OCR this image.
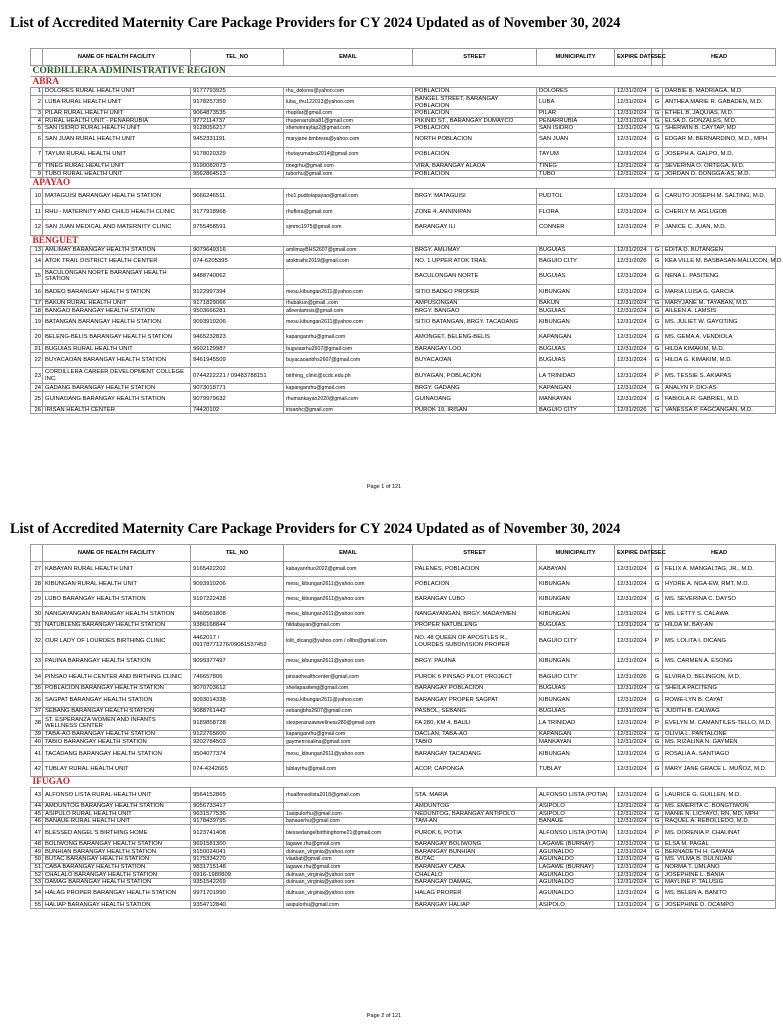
List of Accredited Maternity Care Package Providers for CY 2024 Updated as of November 30, 2024
	NAME OF HEALTH FACILITY	TEL_NO	EMAIL	STREET	MUNICIPALITY	EXPIRE DATE	SEC	HEAD
CORDILLERA ADMINISTRATIVE REGION								
ABRA								
1	DOLORES RURAL HEALTH UNIT	9177793925	rhu_dolores@yahoo.com	POBLACION	DOLORES	12/31/2024	G	DARBIE B. MADRIAGA, M.D.
2	LUBA RURAL HEALTH UNIT	9178257359	luba_rhu122013@yahoo.com	BANGEL STREET, BARANGAY POBLACION	LUBA	12/31/2024	G	ANTHEA MARIE R. GABADEN, M.D.
3	PILAR RURAL HEALTH UNIT	9064873535	rhupilar@gmail.com	POBLACION	PILAR	12/31/2024	G	ETHEL B. JAQUIAS, M.D.
4	RURAL HEALTH UNIT - PENARRUBIA	9772114737	rhupenarrubia81@gmail.com	PIKINID ST., BARANGAY DUMAYCO	PENARRUBIA	12/31/2024	G	ELSA D. GONZALES, M.D.
5	SAN ISIDRO RURAL HEALTH UNIT	9128056217	sherwinraytap2@gmail.com	POBLACION	SAN ISIDRO	12/31/2024	G	SHERWIN B. CAYTAP, MD
6	SAN JUAN RURAL HEALTH UNIT	9452331191	maryjane.timbreza@yahoo.com	NORTH POBLACION	SAN JUAN	12/31/2024	G	EDGAR M. BERNARDINO, M.D., MPH
7	TAYUM RURAL HEALTH UNIT	9178020329	rhutayumabra2014@gmail.com	POBLACION	TAYUM	12/31/2024	G	JOSEPH A. GALPO, M.D.
8	TINEG RURAL HEALTH UNIT	9190082073	tinegrhu@gmail.com	VIRA, BARANGAY ALAOA	TINEG	12/31/2024	G	SEVERINA O. ORTEGA, M.D.
9	TUBO RURAL HEALTH UNIT	9562864513	tuborhu@gmail.com	POBLACION	TUBO	12/31/2024	G	JORDAN D. DONGGA-AS, M.D.
APAYAO								
10	MATAGUISI BARANGAY HEALTH STATION	9666246511	rhu1.pudtolapayao@gmail.com	BRGY. MATAGUISI	PUDTOL	12/31/2024	G	CARUTO JOSEPH M. SALTING, M.D.
11	RHU - MATERNITY AND CHILD HEALTH CLINIC	9177918968	rhuflora@gmail.com	ZONE 4, ANNINIPAN	FLORA	12/31/2024	G	CHERLY M. AGLUGOB
12	SAN JUAN MEDICAL AND MATERNITY CLINIC	9755458591	sjmmc1975@gmail.com	BARANGAY ILI	CONNER	12/31/2024	P	JANICE C. JUAN, M.D.
BENGUET								
13	AMLIMAY BARANGAY HEALTH STATION	9079649316	amlimayBHS2607@gmail.com	BRGY. AMLIMAY	BUGUIAS	12/31/2024	G	EDITA D. BUTANGEN
14	ATOK TRAIL DISTRICT HEALTH CENTER	074-6205395	atoktraihc2019@gmail.com	NO. 1 UPPER ATOK TRAIL	BAGUIO CITY	12/31/2026	G	KEA VILLE M. BASBASAN-MALUCON, M.D.
15	BACULONGAN NORTE BARANGAY HEALTH STATION	9488740062		BACULONGAN NORTE	BUGUIAS	12/31/2024	G	NENA L. PASITENG
16	BADEO BARANGAY HEALTH STATION	9122997394	mesu.kibungan2611@yahoo.com	SITIO BADEO PROPER	KIBUNGAN	12/31/2024	G	MARIA LUISA G. GARCIA
17	BAKUN RURAL HEALTH UNIT	9171829066	rhubakun@gmail..com	AMPUSONGAN	BAKUN	12/31/2024	G	MARYJANE M. TAYABAN, M.D.
18	BANGAO BARANGAY HEALTH STATION	9503666281	aileenlamsis@gmail.com	BRGY. BANGAO	BUGUIAS	12/31/2024	G	AILEEN A. LAMSIS
19	BATANGAN BARANGAY HEALTH STATION	9093910206	mesu.kibungan2611@yahoo.com	SITIO BATANGAN, BRGY. TACADANG	KIBUNGAN	12/31/2024	G	MS. JULIET W. GAYOTING
20	BELENG-BELIS BARANGAY HEALTH STATION	9465232823	kapanganrhu@gmail.com	AMONGET, BELENG-BELIS	KAPANGAN	12/31/2024	G	MS. GEMA A. VENDIOLA
21	BUGUIAS RURAL HEALTH UNIT	9602129987	buguiasrhu2607@gmail.com	BARANGAY LOO	BUGUIAS	12/31/2024	G	HILDA KIMAKIM, M.D.
22	BUYACAOAN BARANGAY HEALTH STATION	9461945509	buyacaoanbhs2607@gmail.com	BUYACAOAN	BUGUIAS	12/31/2024	G	HILDA G. KIMAKIM, M.D.
23	CORDILLERA CAREER DEVELOPMENT COLLEGE INC.	0744222221 / 09483788151	birthing_clinic@ccdc.edu.ph	BUYAGAN, POBLACION	LA TRINIDAD	12/31/2024	P	MS. TESSIE S. AKIAPAS
24	GADANG BARANGAY HEALTH STATION	9073018771	kapanganrhu@gmail.com	BRGY. GADANG	KAPANGAN	12/31/2024	G	ANALYN P. DIO-AS
25	GUINAOANG BARANGAY HEALTH STATION	9079979632	rhumankayan2020@gmail.com	GUINAOANG	MANKAYAN	12/31/2024	G	FABIOLA R. GABRIEL, M.D.
26	IRISAN HEALTH CENTER	74420102	irisanhc@gmail.com	PUROK 19, IRISAN	BAGUIO CITY	12/31/2026	G	VANESSA P. FAGCANGAN, M.D.
Page 1 of 121
List of Accredited Maternity Care Package Providers for CY 2024 Updated as of November 30, 2024
	NAME OF HEALTH FACILITY	TEL_NO	EMAIL	STREET	MUNICIPALITY	EXPIRE DATE	SEC	HEAD
27	KABAYAN RURAL HEALTH UNIT	9165422202	kabayanrhuo2022@gmail.com	PALENES, POBLACION	KABAYAN	12/31/2024	G	FELIX A. MANGALTAG, JR., M.D.
28	KIBUNGAN RURAL HEALTH UNIT	9093910206	mesu_kibungan2611@yahoo.com	POBLACION	KIBUNGAN	12/31/2024	G	HYDRE A. NGA-EW, RMT, M.D.
29	LUBO BARANGAY HEALTH STATION	9197222428	mesu_kibungan2611@yahoo.com	BARANGAY LUBO	KIBUNGAN	12/31/2024	G	MS. SEVERINA C. DAYSO
30	NANGAYANGAN BARANGAY HEALTH STATION	9460561808	mesu_kibungan2611@yahoo.com	NANGAYANGAN, BRGY. MADAYMEN	KIBUNGAN	12/31/2024	G	MS. LETTY S. CALAWA
31	NATUBLENG BARANGAY HEALTH STATION	9386168844	hildabayan@gmail.com	PROPER NATUBLENG	BUGUIAS	12/31/2024	G	HILDA M. BAY-AN
32	OUR LADY OF LOURDES BIRTHING CLINIC	4462017 / 09178771276/09081537452	lolit_dicang@yahoo.com / ollbo@gmail.com	NO. 48 QUEEN OF APOSTLES R., LOURDES SUBDIVISION PROPER	BAGUIO CITY	12/31/2024	P	MS. LOLITA I. DICANG
33	PAUINA BARANGAY HEALTH STATION	9099377497	mesu_kibungan2611@yahoo.com	BRGY. PAUINA	KIBUNGAN	12/31/2024	G	MS. CARMEN A. ESONG
34	PINSAO HEALTH CENTER AND BIRTHING CLINIC	746657806	pinsaohealthcenter@gmail.com	PUROK 6 PINSAO PILOT PROJECT	BAGUIO CITY	12/31/2026	G	ELVIRA D. BELINGON, M.D.
35	POBLACION BARANGAY HEALTH STATION	9070703612	sheilapasiteng@gmail.com	BARANGAY POBLACION	BUGUIAS	12/31/2024	G	SHEILA PACITENG
36	SAGPAT BARANGAY HEALTH STATION	9093014338	mesu.kibungan2611@yahoo.com	BARANGAY PROPER SAGPAT	KIBUNGAN	12/31/2024	G	ROWE-LYN B. CAYAT
37	SEBANG BARANGAY HEALTH STATION	9088761442	sebangbhs2607@gmail.com	PASBOL, SEBANG	BUGUIAS	12/31/2024	G	JUDITH B. CALWAG
38	ST. ESPERANZA WOMEN AND INFANTS WELLNESS CENTER	9189858728	stesperanzawwellness280@gmail.com	FA 280, KM 4, BAULI	LA TRINIDAD	12/31/2024	P	EVELYN M. CAMANTILES-TELLO, M.D.
39	TABA-AO BARANGAY HEALTH STATION	9122765600	kapanganrhu@gmail.com	DACLAN, TABA-AO	KAPANGAN	12/31/2024	G	OLIVIA L. PANTALONE
40	TABIO BARANGAY HEALTH STATION	9202784503	gaymerrosalina@gmail.com	TABIO	MANKAYAN	12/31/2024	G	MS. RIZALINA N. GAYMEN
41	TACADANG BARANGAY HEALTH STATION	9504077374	mesu_kibungan2611@yahoo.com	BARANGAY TACADANG	KIBUNGAN	12/31/2024	G	ROSALIA A. SANTIAGO
42	TUBLAY RURAL HEALTH UNIT	074-4242665	tublayrhu@gmail.com	ACOP, CAPONGA	TUBLAY	12/31/2024	G	MARY JANE GRACE L. MUÑOZ, M.D.
IFUGAO								
43	ALFONSO LISTA RURAL HEALTH UNIT	9564152865	rhualfonsolista2018@gmail.com	STA. MARIA	ALFONSO LISTA (POTIA)	12/31/2024	G	LAURICE G. GUILLEN, M.D.
44	AMDUNTOG BARANGAY HEALTH STATION	9056733417		AMDUNTOG	ASIPOLO	12/31/2024	G	MS. EMERITA C. BONGTIWON
45	ASIPULO RURAL HEALTH UNIT	9631577536	1asipulorhu@gmail.com	NEDUNTOG, BARANGAY ANTIPOLO	ASIPOLO	12/31/2024	G	MANIE N. LICYAYO, RN, MD, MPH
46	BANAUE RURAL HEALTH UNIT	9178439795	banauerhu@gmail.com	TAM-AN	BANAUE	12/31/2024	G	RAQUEL A. REBOLLEDO, M.D.
47	BLESSED ANGEL'S BIRTHING HOME	9123741408	blessedangelbirthinghome21@gmail.com	PUROK 6, POTIA	ALFONSO LISTA (POTIA)	12/31/2024	P	MS. DORENIA P. CHALINAT
48	BOLIWONG BARANGAY HEALTH STATION	9691581300	lagawe.rhu@gmail.com	BARANGAY BOLIWONG	LAGAWE (BURNAY)	12/31/2024	G	ELSA M. PAGAL
49	BUNHIAN BARANGAY HEALTH STATION	9150024041	dulnuan_virginia@yahoo.com	BARANGAY BUNHIAN	AGUINALDO	12/31/2024	G	BERNADETH H. GAYANA
50	BUTAC BARANGAY HEALTH STATION	9175334270	viaabat@gmail.com	BUTAC	AGUINALDO	12/31/2024	G	MS. VILMA B. DULNUAN
51	CABA BARANGAY HEALTH STATION	9831715148	lagawe.rhu@gmail.com	BARANGAY CABA	LAGAWE (BURNAY)	12/31/2024	G	NORMA T. UMLANO
52	CHALALO BARANGAY HEALTH STATION	0916-1980809	dulnuan_virginia@yahoo.com	CHALALO	AGUINALDO	12/31/2024	G	JOSEPHINE L. BANIA
53	DAMAG BARANGAY HEALTH STATION	9351542269	dulnuan_virginia@yahoo.com	BARANGAY DAMAG,	AGUINALDO	12/31/2024	G	MAYLINE P. TALUSIG
54	HALAG PROPER BARANGAY HEALTH STATION	9971701990	dulnuan_virginia@yahoo.com	HALAG PROPER	AGUINALDO	12/31/2024	G	MS. BELEN A. BANITO
55	HALIAP BARANGAY HEALTH STATION	9354712840	asipulorhu@gmail.com	BARANGAY HALIAP	ASIPOLO	12/31/2024	G	JOSEPHINE D. OCAMPO
Page 2 of 121
